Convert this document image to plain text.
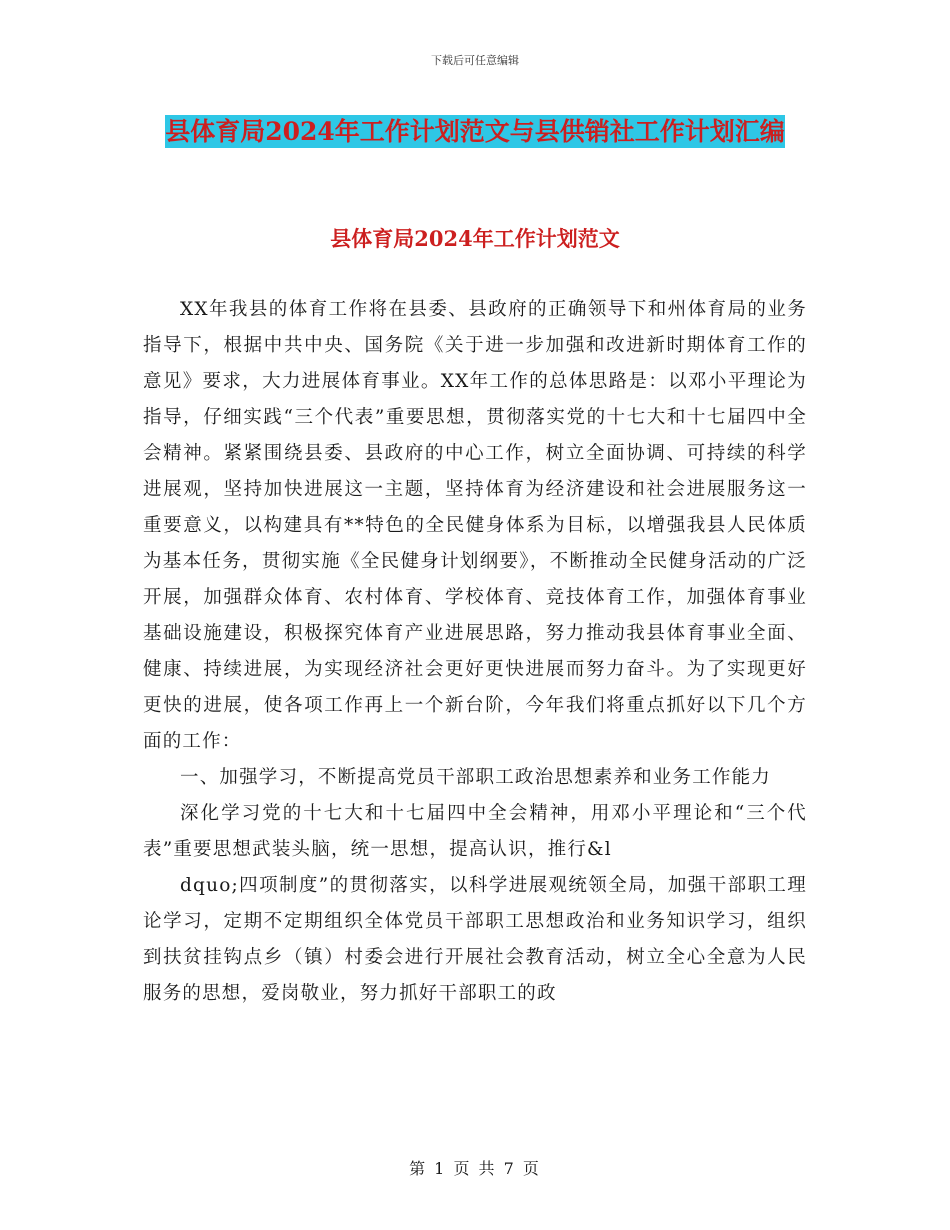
下载后可任意编辑
县体育局2024年工作计划范文与县供销社工作计划汇编
县体育局2024年工作计划范文

XX年我县的体育工作将在县委、县政府的正确领导下和州体育局的业务指导下，根据中共中央、国务院《关于进一步加强和改进新时期体育工作的意见》要求，大力进展体育事业。XX年工作的总体思路是：以邓小平理论为指导，仔细实践“三个代表”重要思想，贯彻落实党的十七大和十七届四中全会精神。紧紧围绕县委、县政府的中心工作，树立全面协调、可持续的科学进展观，坚持加快进展这一主题，坚持体育为经济建设和社会进展服务这一重要意义，以构建具有**特色的全民健身体系为目标，以增强我县人民体质为基本任务，贯彻实施《全民健身计划纲要》，不断推动全民健身活动的广泛开展，加强群众体育、农村体育、学校体育、竞技体育工作，加强体育事业基础设施建设，积极探究体育产业进展思路，努力推动我县体育事业全面、健康、持续进展，为实现经济社会更好更快进展而努力奋斗。为了实现更好更快的进展，使各项工作再上一个新台阶，今年我们将重点抓好以下几个方面的工作：

一、加强学习，不断提高党员干部职工政治思想素养和业务工作能力

深化学习党的十七大和十七届四中全会精神，用邓小平理论和“三个代表”重要思想武装头脑，统一思想，提高认识，推行&l

dquo;四项制度”的贯彻落实，以科学进展观统领全局，加强干部职工理论学习，定期不定期组织全体党员干部职工思想政治和业务知识学习，组织到扶贫挂钩点乡（镇）村委会进行开展社会教育活动，树立全心全意为人民服务的思想，爱岗敬业，努力抓好干部职工的政

第 1 页 共 7 页
